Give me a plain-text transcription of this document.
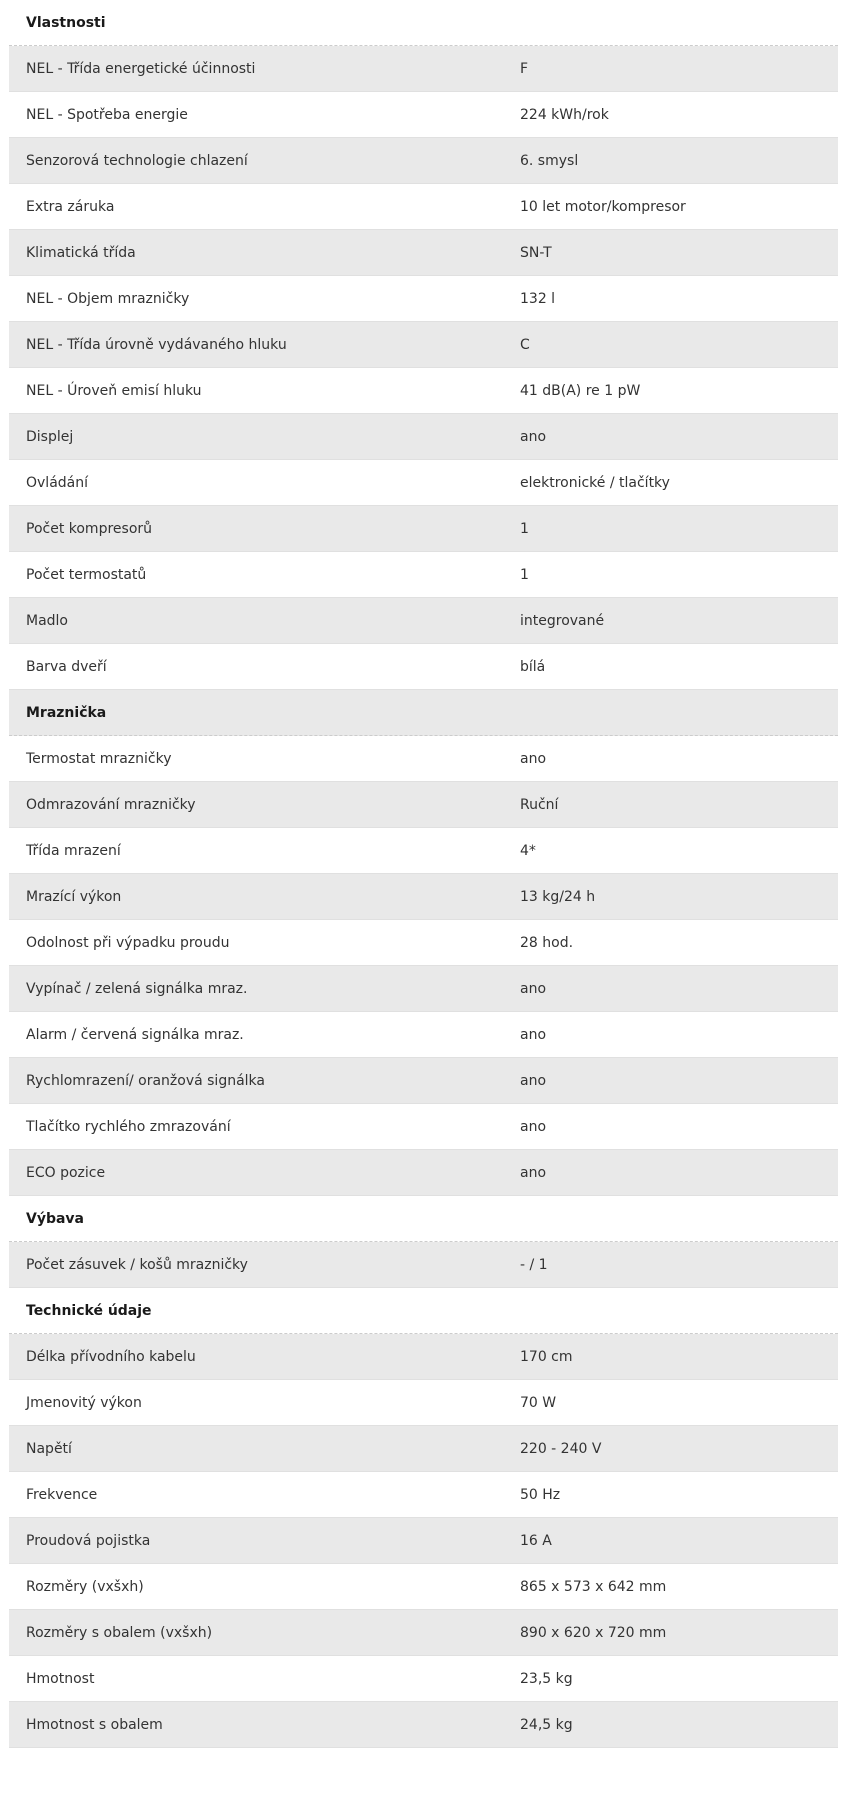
Vlastnosti
NEL - Třída energetické účinnosti	F
NEL - Spotřeba energie	224 kWh/rok
Senzorová technologie chlazení	6. smysl
Extra záruka	10 let motor/kompresor
Klimatická třída	SN-T
NEL - Objem mrazničky	132 l
NEL - Třída úrovně vydávaného hluku	C
NEL - Úroveň emisí hluku	41 dB(A) re 1 pW
Displej	ano
Ovládání	elektronické / tlačítky
Počet kompresorů	1
Počet termostatů	1
Madlo	integrované
Barva dveří	bílá
Mraznička
Termostat mrazničky	ano
Odmrazování mrazničky	Ruční
Třída mrazení	4*
Mrazící výkon	13 kg/24 h
Odolnost při výpadku proudu	28 hod.
Vypínač / zelená signálka mraz.	ano
Alarm / červená signálka mraz.	ano
Rychlomrazení/ oranžová signálka	ano
Tlačítko rychlého zmrazování	ano
ECO pozice	ano
Výbava
Počet zásuvek / košů mrazničky	- / 1
Technické údaje
Délka přívodního kabelu	170 cm
Jmenovitý výkon	70 W
Napětí	220 - 240 V
Frekvence	50 Hz
Proudová pojistka	16 A
Rozměry (vxšxh)	865 x 573 x 642 mm
Rozměry s obalem (vxšxh)	890 x 620 x 720 mm
Hmotnost	23,5 kg
Hmotnost s obalem	24,5 kg
